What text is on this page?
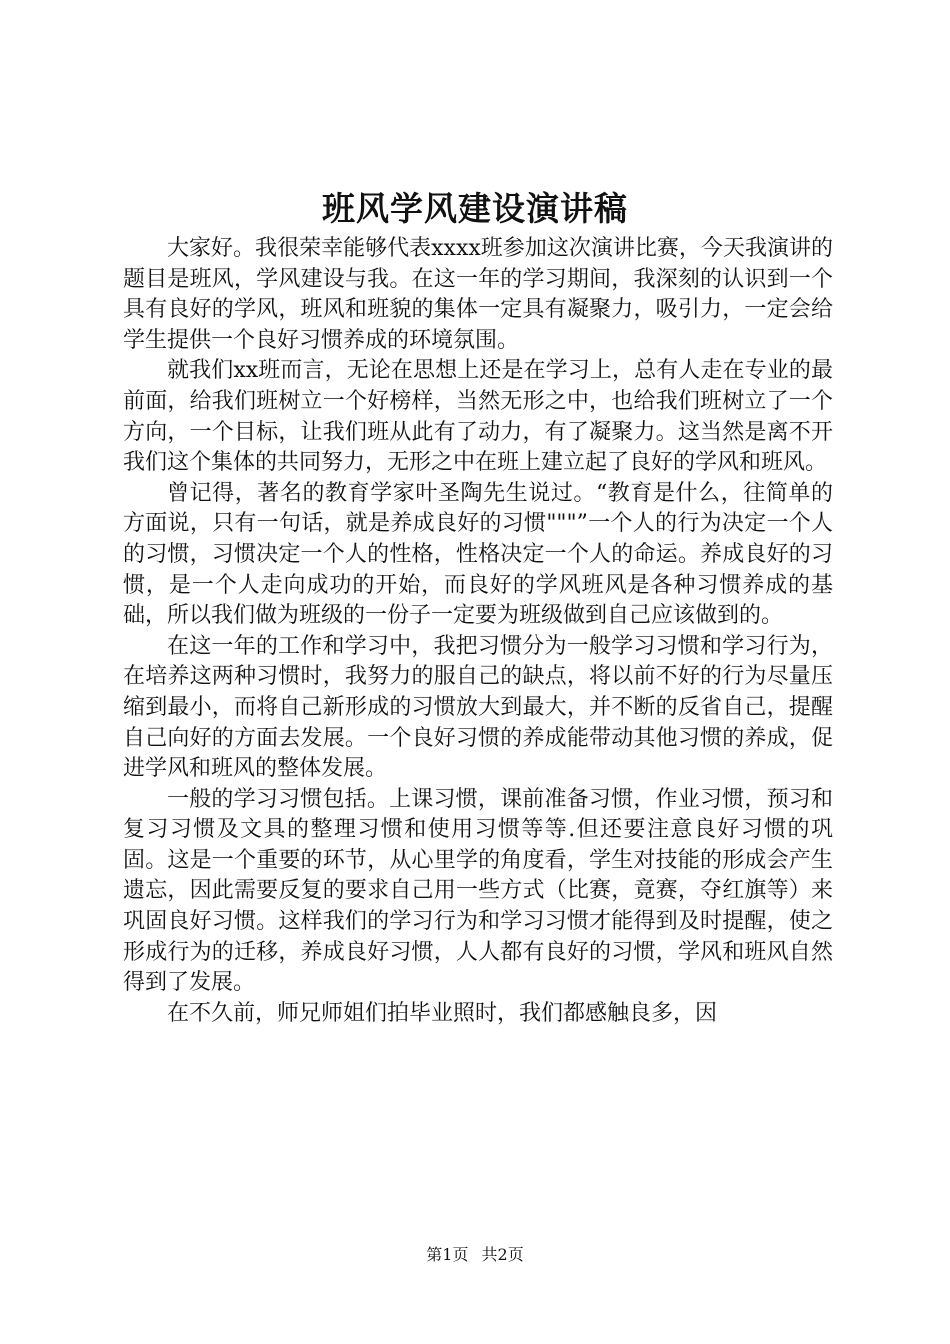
班风学风建设演讲稿

大家好。我很荣幸能够代表xxxx班参加这次演讲比赛，今天我演讲的题目是班风，学风建设与我。在这一年的学习期间，我深刻的认识到一个具有良好的学风，班风和班貌的集体一定具有凝聚力，吸引力，一定会给学生提供一个良好习惯养成的环境氛围。

就我们xx班而言，无论在思想上还是在学习上，总有人走在专业的最前面，给我们班树立一个好榜样，当然无形之中，也给我们班树立了一个方向，一个目标，让我们班从此有了动力，有了凝聚力。这当然是离不开我们这个集体的共同努力，无形之中在班上建立起了良好的学风和班风。

曾记得，著名的教育学家叶圣陶先生说过。“教育是什么，往简单的方面说，只有一句话，就是养成良好的习惯"""”一个人的行为决定一个人的习惯，习惯决定一个人的性格，性格决定一个人的命运。养成良好的习惯，是一个人走向成功的开始，而良好的学风班风是各种习惯养成的基础，所以我们做为班级的一份子一定要为班级做到自己应该做到的。

在这一年的工作和学习中，我把习惯分为一般学习习惯和学习行为，在培养这两种习惯时，我努力的服自己的缺点，将以前不好的行为尽量压缩到最小，而将自己新形成的习惯放大到最大，并不断的反省自己，提醒自己向好的方面去发展。一个良好习惯的养成能带动其他习惯的养成，促进学风和班风的整体发展。

一般的学习习惯包括。上课习惯，课前准备习惯，作业习惯，预习和复习习惯及文具的整理习惯和使用习惯等等.但还要注意良好习惯的巩固。这是一个重要的环节，从心里学的角度看，学生对技能的形成会产生遗忘，因此需要反复的要求自己用一些方式（比赛，竟赛，夺红旗等）来巩固良好习惯。这样我们的学习行为和学习习惯才能得到及时提醒，使之形成行为的迁移，养成良好习惯，人人都有良好的习惯，学风和班风自然得到了发展。

在不久前，师兄师姐们拍毕业照时，我们都感触良多，因

第1页 共2页
